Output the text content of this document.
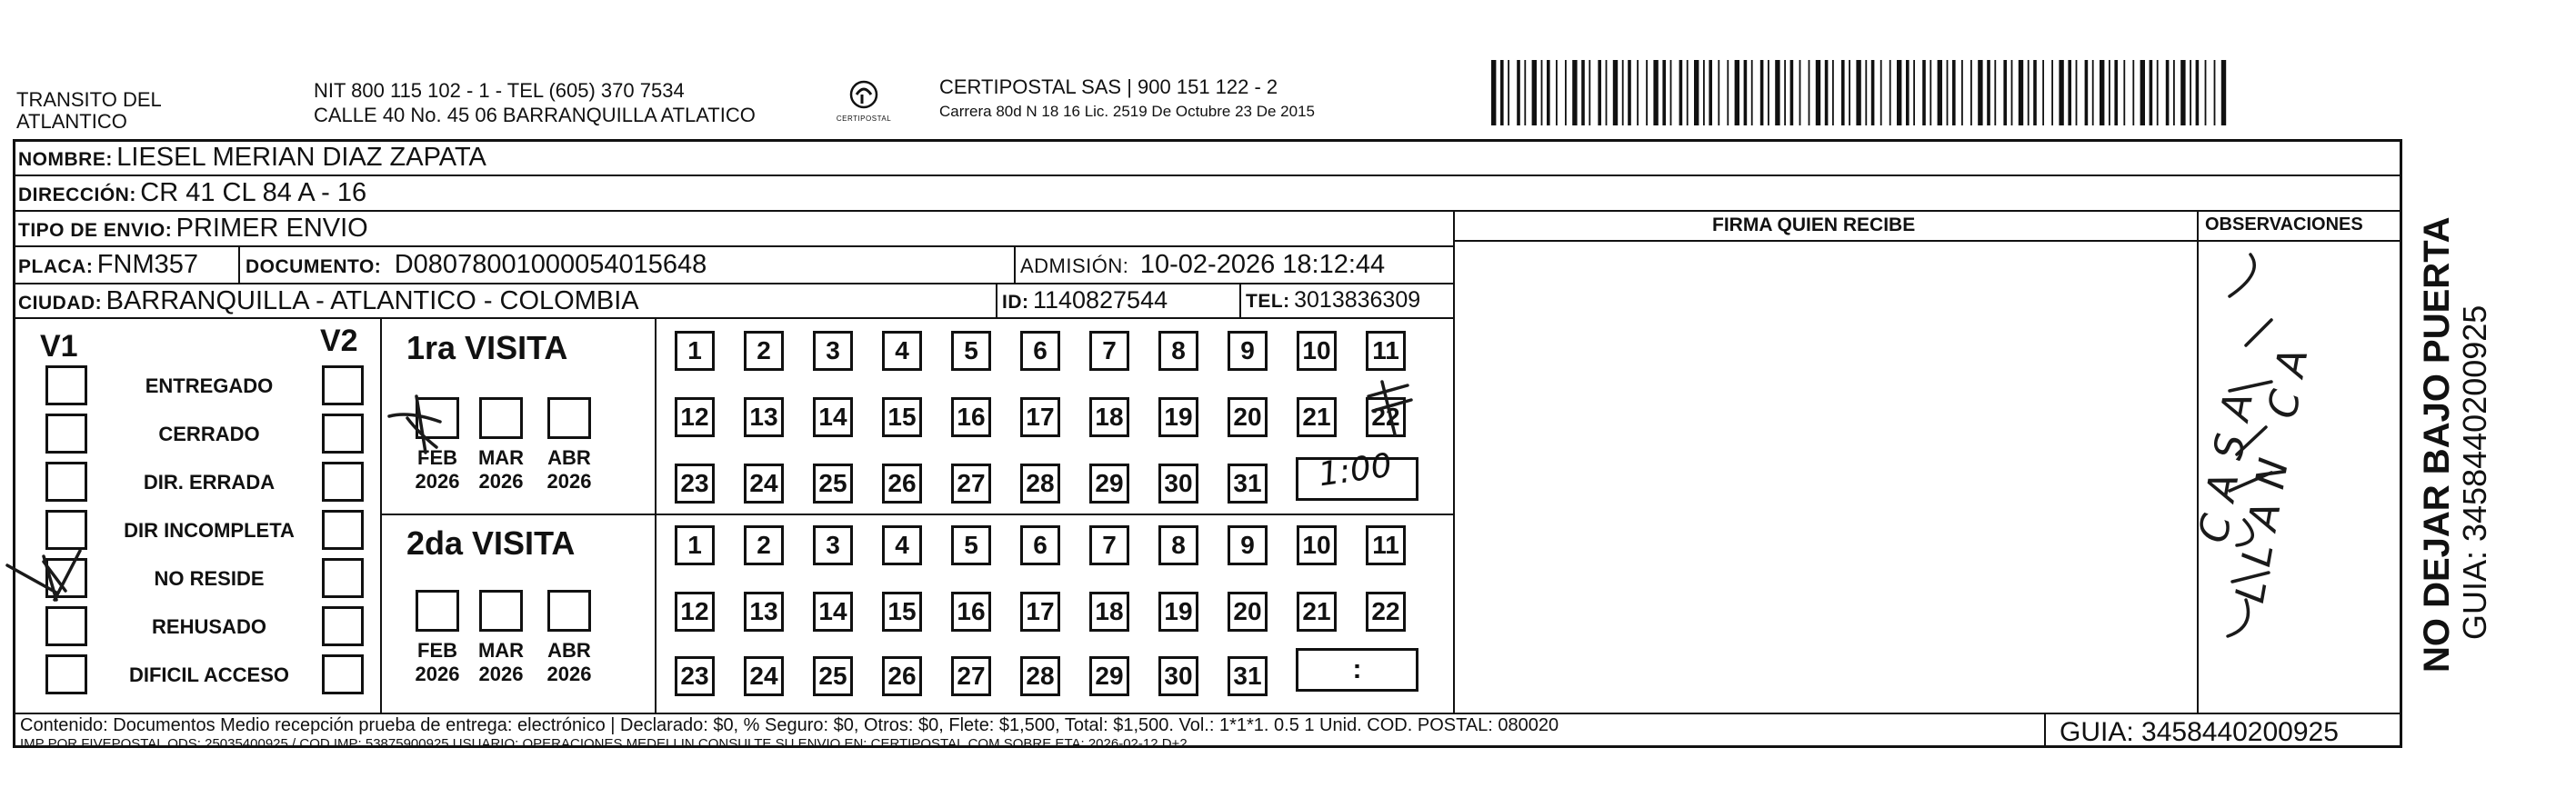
TRANSITO DEL
ATLANTICO
NIT 800 115 102 - 1 - TEL (605) 370 7534
CALLE 40 No. 45 06 BARRANQUILLA ATLATICO	CERTIPOSTAL
CERTIPOSTAL SAS | 900 151 122 - 2
Carrera 80d N 18 16 Lic. 2519 De Octubre 23 De 2015
NOMBRE: LIESEL MERIAN DIAZ ZAPATA
DIRECCIÓN: CR 41 CL 84 A - 16
TIPO DE ENVIO: PRIMER ENVIO	FIRMA QUIEN RECIBE	OBSERVACIONES
PLACA: FNM357 DOCUMENTO: D08078001000054015648	ADMISIÓN: 10-02-2026 18:12:44
CIUDAD: BARRANQUILLA - ATLANTICO - COLOMBIA	ID: 1140827544	TEL: 3013836309
V1	V2
ENTREGADO
CERRADO
DIR. ERRADA
DIR INCOMPLETA
NO RESIDE
REHUSADO
DIFICIL ACCESO
1ra VISITA
2da VISITA
FEB
2026
MAR
2026
ABR
2026
FEB
2026
MAR
2026
ABR
2026
1	2	3	4	5	6	7	8	9	10 11
12 13 14 15 16 17 18 19 20 21 22
23 24 25 26 27 28 29 30 31
1	2	3	4	5	6	7	8	9	10 11
12 13 14 15 16 17 18 19 20 21 22
23 24 25 26 27 28 29 30 31	:
1:00	CASA LLAN CA
Contenido: Documentos Medio recepción prueba de entrega: electrónico | Declarado: $0, % Seguro: $0, Otros: $0, Flete: $1,500, Total: $1,500. Vol.: 1*1*1. 0.5 1 Unid. COD. POSTAL: 080020
IMP POR FIVEPOSTAL ODS: 25035400925 / COD.IMP: 53875900925 USUARIO: OPERACIONES MEDELLIN CONSULTE SU ENVIO EN: CERTIPOSTAL.COM SOBRE ETA: 2026-02-12 D+2	GUIA: 3458440200925
NO DEJAR BAJO PUERTA GUIA: 3458440200925
